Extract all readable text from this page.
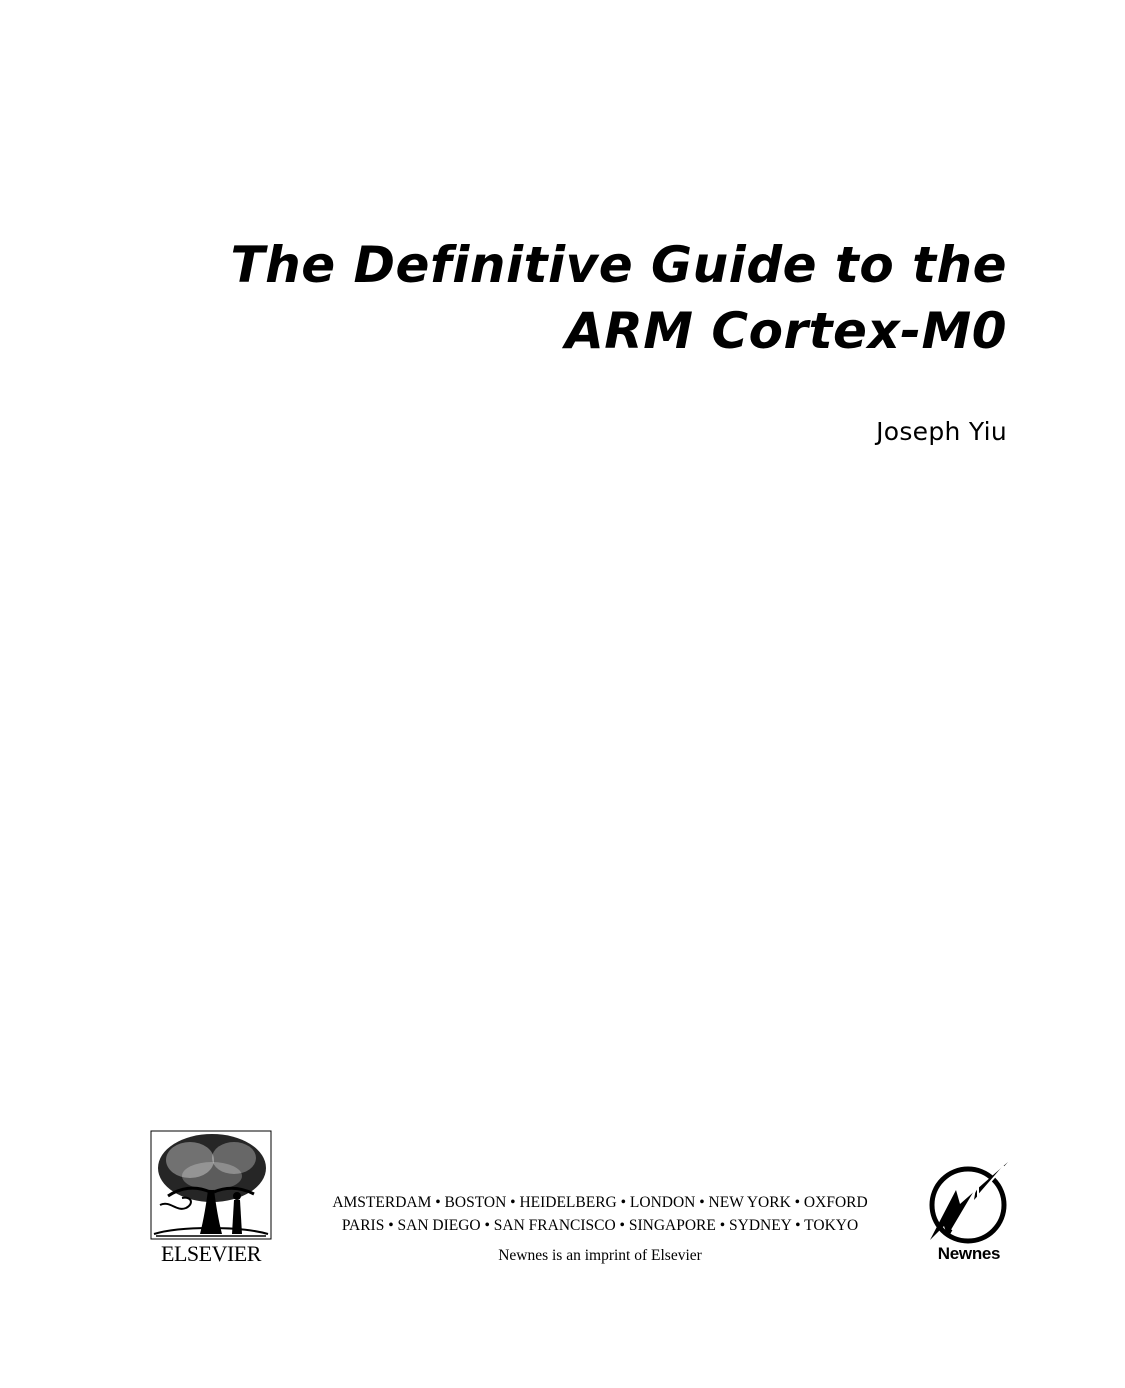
The Definitive Guide to the
ARM Cortex-M0
Joseph Yiu
ELSEVIER
AMSTERDAM • BOSTON • HEIDELBERG • LONDON • NEW YORK • OXFORD
PARIS • SAN DIEGO • SAN FRANCISCO • SINGAPORE • SYDNEY • TOKYO
Newnes is an imprint of Elsevier	Newnes
